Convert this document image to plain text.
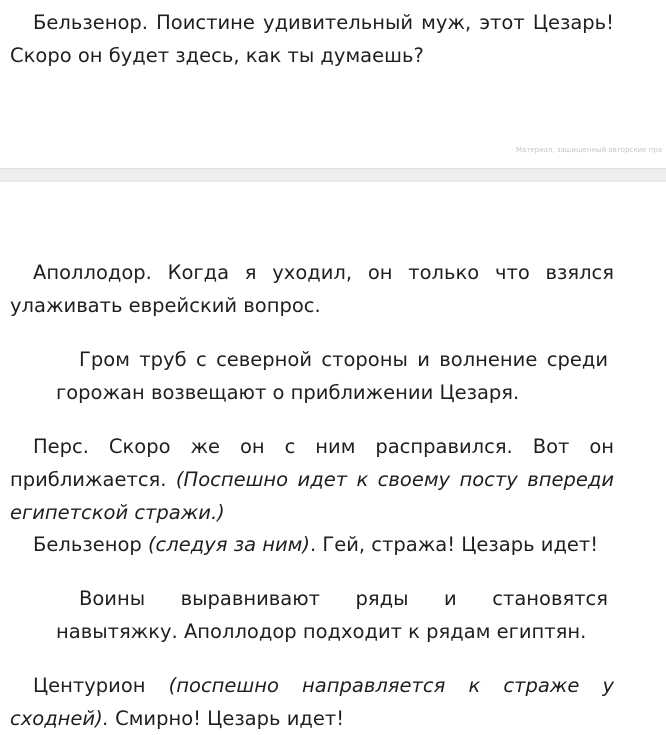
Бельзенор. Поистине удивительный муж, этот Цезарь!

Скоро он будет здесь, как ты думаешь?

Материал, защищенный авторские пра

Аполлодор. Когда я уходил, он только что взялся улаживать еврейский вопрос.

Гром труб с северной стороны и волнение среди горожан возвещают о приближении Цезаря.

Перс. Скоро же он с ним расправился. Вот он приближается. (Поспешно идет к своему посту впереди египетской стражи.)

Бельзенор (следуя за ним). Гей, стража! Цезарь идет!

Воины выравнивают ряды и становятся навытяжку. Аполлодор подходит к рядам египтян.

Центурион (поспешно направляется к страже у сходней). Смирно! Цезарь идет!
